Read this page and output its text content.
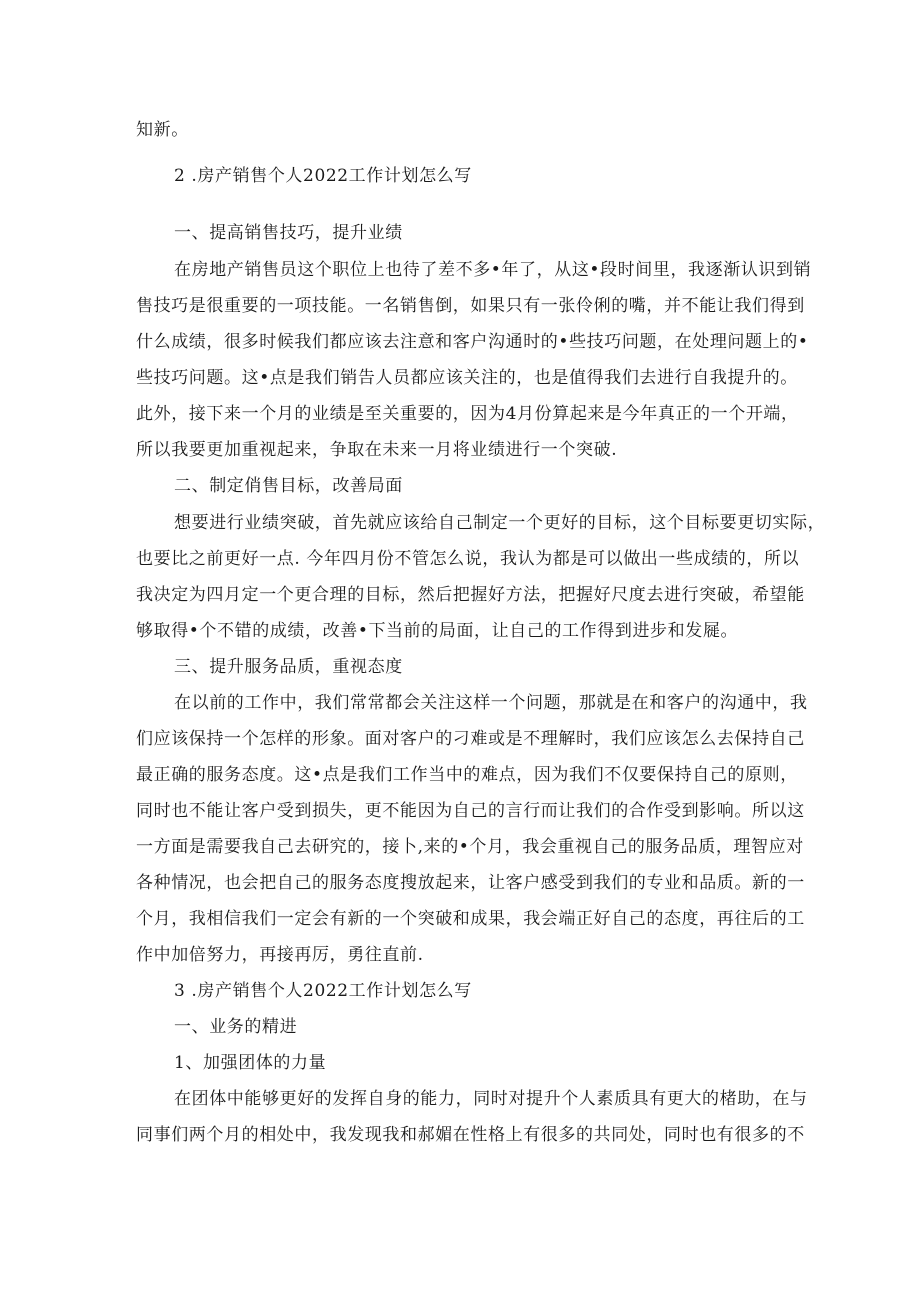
知新。
2 .房产销售个人2022工作计划怎么写
一、提高销售技巧，提升业绩
在房地产销售员这个职位上也待了差不多•年了，从这•段时间里，我逐渐认识到销
售技巧是很重要的一项技能。一名销售倒，如果只有一张伶俐的嘴，并不能让我们得到
什么成绩，很多时候我们都应该去注意和客户沟通时的•些技巧问题，在处理问题上的•
些技巧问题。这•点是我们销告人员都应该关注的，也是值得我们去进行自我提升的。
此外，接下来一个月的业绩是至关重要的，因为4月份算起来是今年真正的一个开端，
所以我要更加重视起来，争取在未来一月将业绩进行一个突破.
二、制定俏售目标，改善局面
想要进行业绩突破，首先就应该给自己制定一个更好的目标，这个目标要更切实际，
也要比之前更好一点. 今年四月份不管怎么说，我认为都是可以做出一些成绩的，所以
我决定为四月定一个更合理的目标，然后把握好方法，把握好尺度去进行突破，希望能
够取得•个不错的成绩，改善•下当前的局面，让自己的工作得到进步和发屣。
三、提升服务品质，重视态度
在以前的工作中，我们常常都会关注这样一个问题，那就是在和客户的沟通中，我
们应该保持一个怎样的形象。面对客户的刁难或是不理解时，我们应该怎么去保持自己
最正确的服务态度。这•点是我们工作当中的难点，因为我们不仅要保持自己的原则，
同时也不能让客户受到损失，更不能因为自己的言行而让我们的合作受到影响。所以这
一方面是需要我自己去研究的，接卜,来的•个月，我会重视自己的服务品质，理智应对
各种情况，也会把自己的服务态度搜放起来，让客户感受到我们的专业和品质。新的一
个月，我相信我们一定会有新的一个突破和成果，我会端正好自己的态度，再往后的工
作中加倍努力，再接再厉，勇往直前.
3 .房产销售个人2022工作计划怎么写
一、业务的精进
1、加强团体的力量
在团体中能够更好的发挥自身的能力，同时对提升个人素质具有更大的楮助，在与
同事们两个月的相处中，我发现我和郝媚在性格上有很多的共同处，同时也有很多的不
